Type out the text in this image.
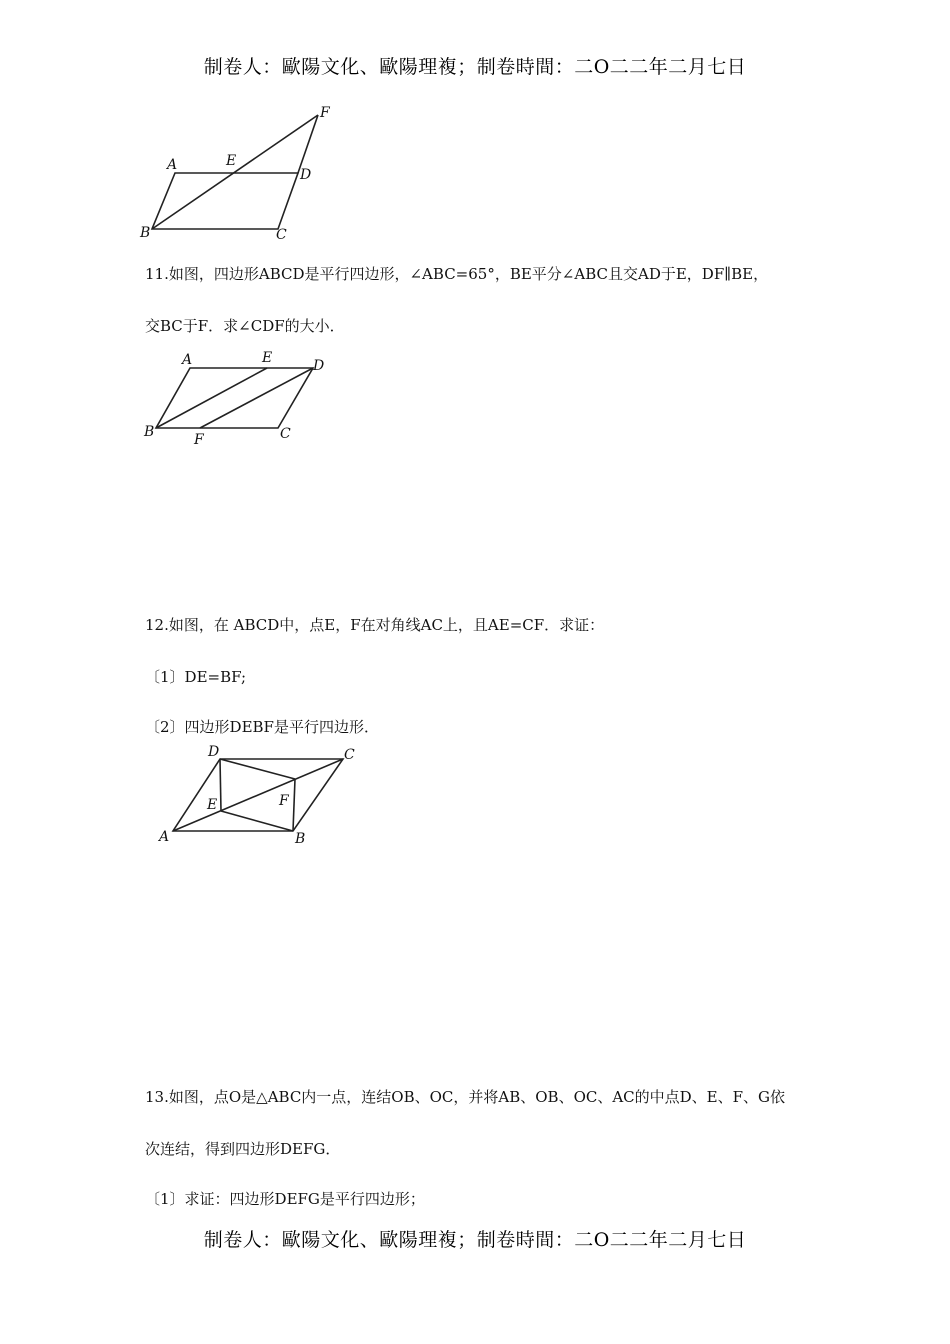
制卷人：歐陽文化、歐陽理複；制卷時間：二O二二年二月七日
A	E
D
F
B	C
11.如图，四边形ABCD是平行四边形，∠ABC=65°，BE平分∠ABC且交AD于E，DF∥BE，
交BC于F．求∠CDF的大小．
A	E	D
B	F	C
12.如图，在 ABCD中，点E，F在对角线AC上，且AE=CF．求证：
〔1〕DE=BF;
〔2〕四边形DEBF是平行四边形．
D	C
E	F
A	B
13.如图，点O是△ABC内一点，连结OB、OC，并将AB、OB、OC、AC的中点D、E、F、G依
次连结，得到四边形DEFG．
〔1〕求证：四边形DEFG是平行四边形；
制卷人：歐陽文化、歐陽理複；制卷時間：二O二二年二月七日
